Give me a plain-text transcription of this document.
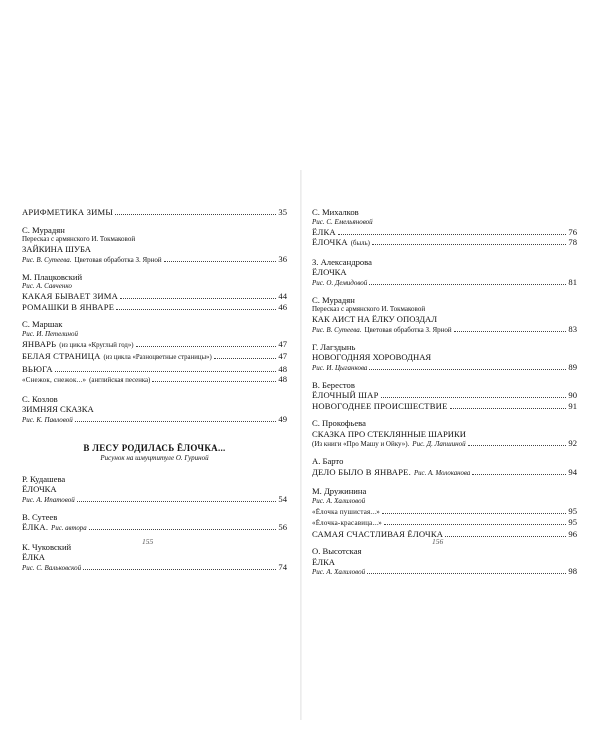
АРИФМЕТИКА ЗИМЫ	35
С. Мурадян
Пересказ с армянского И. Токмаковой
ЗАЙКИНА ШУБА
Рис. В. Сутеева. Цветовая обработка З. Ярной	36
М. Плацковский
Рис. А. Савченко
КАКАЯ БЫВАЕТ ЗИМА	44
РОМАШКИ В ЯНВАРЕ	46
С. Маршак
Рис. И. Петелиной
ЯНВАРЬ (из цикла «Круглый год»)	47
БЕЛАЯ СТРАНИЦА (из цикла «Разноцветные страницы»)	47
ВЬЮГА	48
«Снежок, снежок...» (английская песенка)	48
С. Козлов
ЗИМНЯЯ СКАЗКА
Рис. К. Павловой	49
В ЛЕСУ РОДИЛАСЬ ЁЛОЧКА...
Рисунок на шмуцтитуле О. Гуриной
Р. Кудашева
ЁЛОЧКА
Рис. А. Ипатовой	54
В. Сутеев
ЁЛКА. Рис. автора	56
К. Чуковский
ЁЛКА
Рис. С. Вальковской	74
С. Михалков
Рис. С. Емельяновой
ЁЛКА	76
ЁЛОЧКА (быль)	78
З. Александрова
ЁЛОЧКА
Рис. О. Демидовой	81
С. Мурадян
Пересказ с армянского И. Токмаковой
КАК АИСТ НА ЁЛКУ ОПОЗДАЛ
Рис. В. Сутеева. Цветовая обработка З. Ярной	83
Г. Лагздынь
НОВОГОДНЯЯ ХОРОВОДНАЯ
Рис. И. Цыганкова	89
В. Берестов
ЁЛОЧНЫЙ ШАР	90
НОВОГОДНЕЕ ПРОИСШЕСТВИЕ	91
С. Прокофьева
СКАЗКА ПРО СТЕКЛЯННЫЕ ШАРИКИ
(Из книги «Про Машу и Ойку»). Рис. Д. Лапшиной	92
А. Барто
ДЕЛО БЫЛО В ЯНВАРЕ. Рис. А. Молоканова	94
М. Дружинина
Рис. А. Халиловой
«Ёлочка пушистая...»	95
«Ёлочка-красавица...»	95
САМАЯ СЧАСТЛИВАЯ ЁЛОЧКА	96
О. Высотская
ЁЛКА
Рис. А. Халиловой	98
155	156
